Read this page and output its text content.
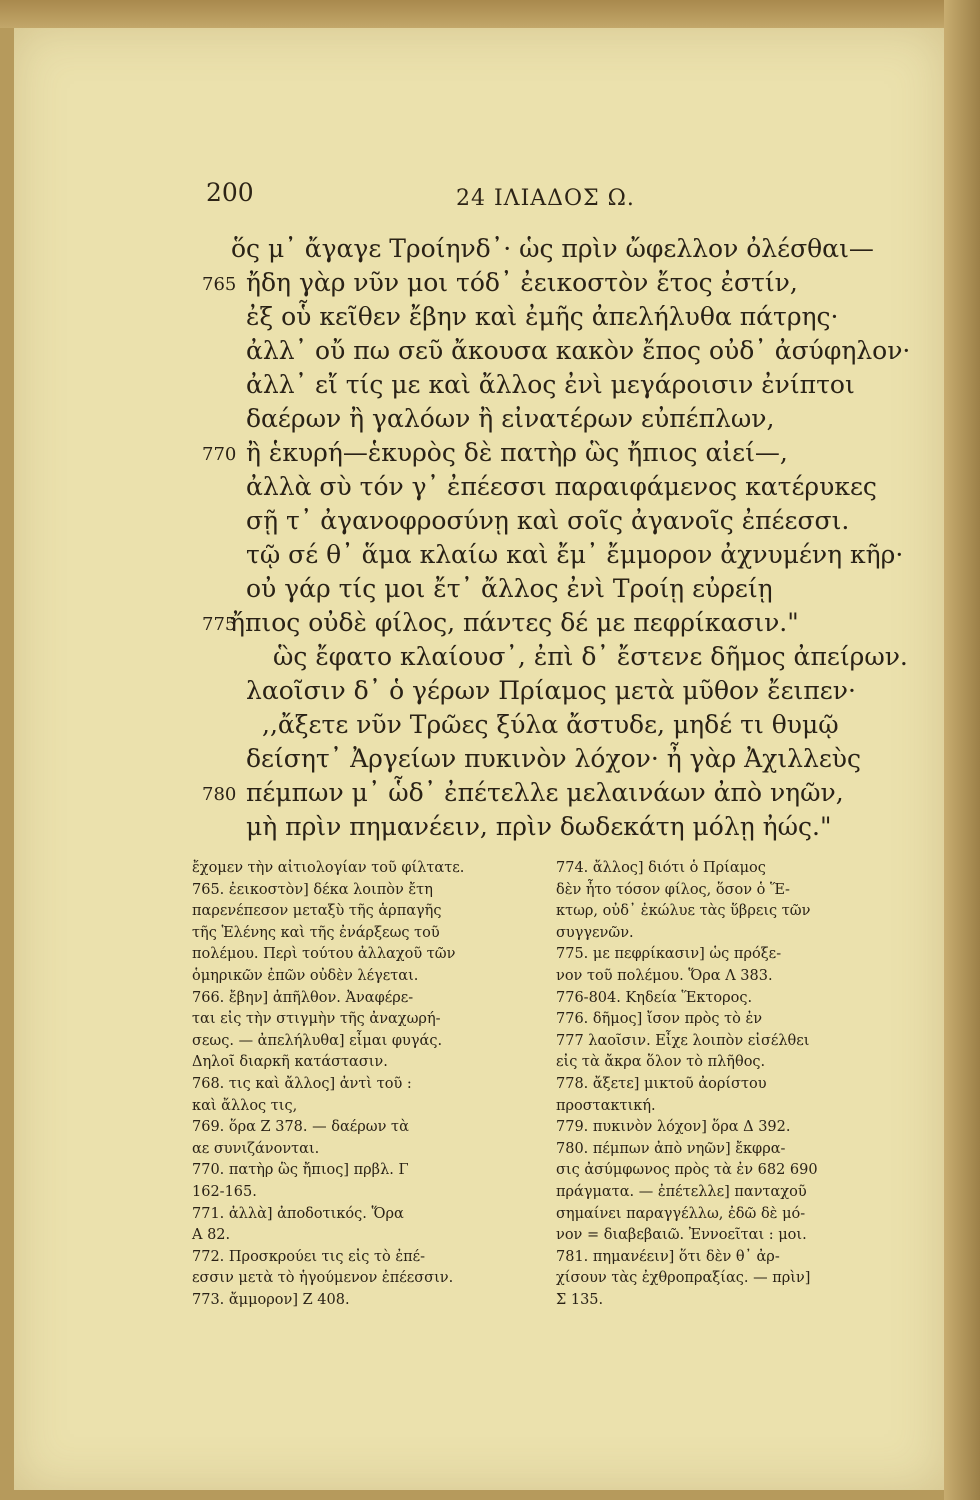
200	24 ΙΛΙΑΔΟΣ Ω.
ὅς μ᾽ ἄγαγε Τροίηνδ᾽· ὡς πρὶν ὤφελλον ὀλέσθαι—
765 ἤδη γὰρ νῦν μοι τόδ᾽ ἐεικοστὸν ἔτος ἐστίν,
ἐξ οὗ κεῖθεν ἔβην καὶ ἐμῆς ἀπελήλυθα πάτρης·
ἀλλ᾽ οὔ πω σεῦ ἄκουσα κακὸν ἔπος οὐδ᾽ ἀσύφηλον·
ἀλλ᾽ εἴ τίς με καὶ ἄλλος ἐνὶ μεγάροισιν ἐνίπτοι
δαέρων ἢ γαλόων ἢ εἰνατέρων εὐπέπλων,
770 ἢ ἑκυρή—ἑκυρὸς δὲ πατὴρ ὣς ἤπιος αἰεί—,
ἀλλὰ σὺ τόν γ᾽ ἐπέεσσι παραιφάμενος κατέρυκες
σῇ τ᾽ ἀγανοφροσύνῃ καὶ σοῖς ἀγανοῖς ἐπέεσσι.
τῷ σέ θ᾽ ἅμα κλαίω καὶ ἔμ᾽ ἔμμορον ἀχνυμένη κῆρ·
οὐ γάρ τίς μοι ἔτ᾽ ἄλλος ἐνὶ Τροίῃ εὐρείῃ
775
ἤπιος οὐδὲ φίλος, πάντες δέ με πεφρίκασιν."
ὣς ἔφατο κλαίουσ᾽, ἐπὶ δ᾽ ἔστενε δῆμος ἀπείρων.
λαοῖσιν δ᾽ ὁ γέρων Πρίαμος μετὰ μῦθον ἔειπεν·
,,ἄξετε νῦν Τρῶες ξύλα ἄστυδε, μηδέ τι θυμῷ
δείσητ᾽ Ἀργείων πυκινὸν λόχον· ἦ γὰρ Ἀχιλλεὺς
780 πέμπων μ᾽ ὧδ᾽ ἐπέτελλε μελαινάων ἀπὸ νηῶν,
μὴ πρὶν πημανέειν, πρὶν δωδεκάτη μόλῃ ἠώς."
ἔχομεν τὴν αἰτιολογίαν τοῦ φίλτατε.
765. ἐεικοστὸν] δέκα λοιπὸν ἔτη
παρενέπεσον μεταξὺ τῆς ἁρπαγῆς
τῆς Ἑλένης καὶ τῆς ἐνάρξεως τοῦ
πολέμου. Περὶ τούτου ἀλλαχοῦ τῶν
ὁμηρικῶν ἐπῶν οὐδὲν λέγεται.
766. ἔβην] ἀπῆλθον. Ἀναφέρε-
ται εἰς τὴν στιγμὴν τῆς ἀναχωρή-
σεως. — ἀπελήλυθα] εἶμαι φυγάς.
Δηλοῖ διαρκῆ κατάστασιν.
768. τις καὶ ἄλλος] ἀντὶ τοῦ :
καὶ ἄλλος τις,
769. ὅρα Ζ 378. — δαέρων τὰ
αε συνιζάνονται.
770. πατὴρ ὣς ἤπιος] πρβλ. Γ
162-165.
771. ἀλλὰ] ἀποδοτικός. Ὅρα
Α 82.
772. Προσκρούει τις εἰς τὸ ἐπέ-
εσσιν μετὰ τὸ ἡγούμενον ἐπέεσσιν.
773. ἄμμορον] Ζ 408.
774. ἄλλος] διότι ὁ Πρίαμος
δὲν ἦτο τόσον φίλος, ὅσον ὁ Ἕ-
κτωρ, οὐδ᾽ ἐκώλυε τὰς ὕβρεις τῶν
συγγενῶν.
775. με πεφρίκασιν] ὡς πρόξε-
νον τοῦ πολέμου. Ὅρα Λ 383.
776-804. Κηδεία Ἕκτορος.
776. δῆμος] ἴσον πρὸς τὸ ἐν
777 λαοῖσιν. Εἶχε λοιπὸν εἰσέλθει
εἰς τὰ ἄκρα ὅλον τὸ πλῆθος.
778. ἄξετε] μικτοῦ ἀορίστου
προστακτική.
779. πυκινὸν λόχον] ὅρα Δ 392.
780. πέμπων ἀπὸ νηῶν] ἔκφρα-
σις ἀσύμφωνος πρὸς τὰ ἐν 682 690
πράγματα. — ἐπέτελλε] πανταχοῦ
σημαίνει παραγγέλλω, ἐδῶ δὲ μό-
νον = διαβεβαιῶ. Ἐννοεῖται : μοι.
781. πημανέειν] ὅτι δὲν θ᾽ ἀρ-
χίσουν τὰς ἐχθροπραξίας. — πρὶν]
Σ 135.
